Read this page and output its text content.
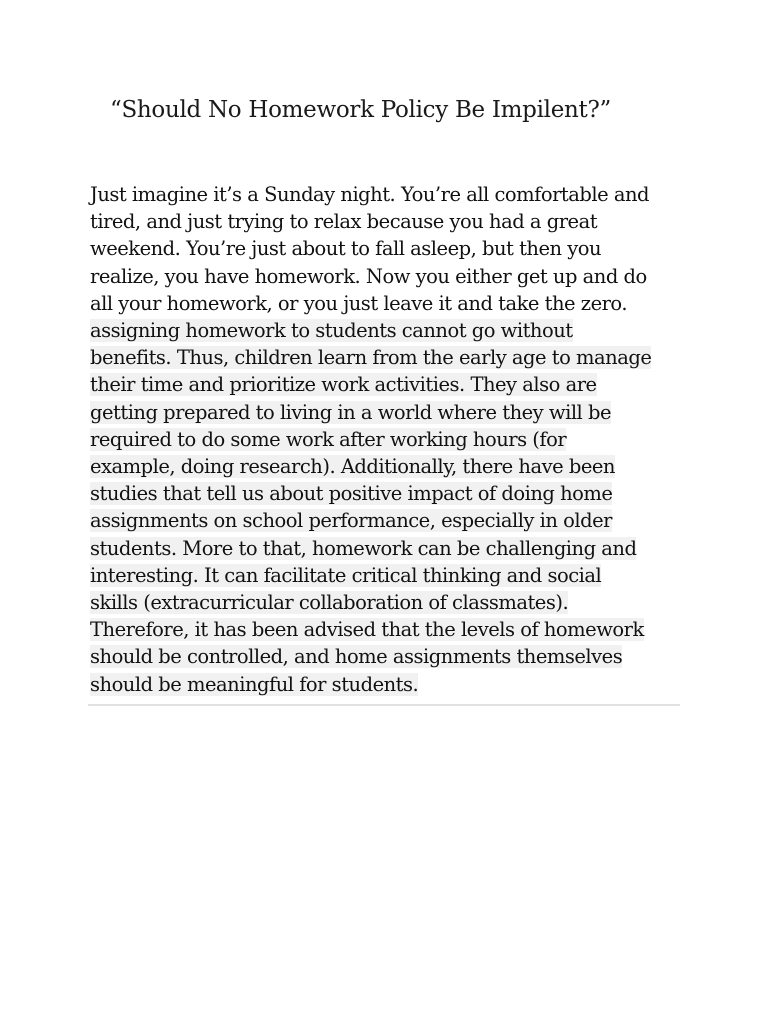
“Should No Homework Policy Be Impilent?”
Just imagine it’s a Sunday night. You’re all comfortable and
tired, and just trying to relax because you had a great
weekend. You’re just about to fall asleep, but then you
realize, you have homework. Now you either get up and do
all your homework, or you just leave it and take the zero.
assigning homework to students cannot go without
benefits. Thus, children learn from the early age to manage
their time and prioritize work activities. They also are
getting prepared to living in a world where they will be
required to do some work after working hours (for
example, doing research). Additionally, there have been
studies that tell us about positive impact of doing home
assignments on school performance, especially in older
students. More to that, homework can be challenging and
interesting. It can facilitate critical thinking and social
skills (extracurricular collaboration of classmates).
Therefore, it has been advised that the levels of homework
should be controlled, and home assignments themselves
should be meaningful for students.
